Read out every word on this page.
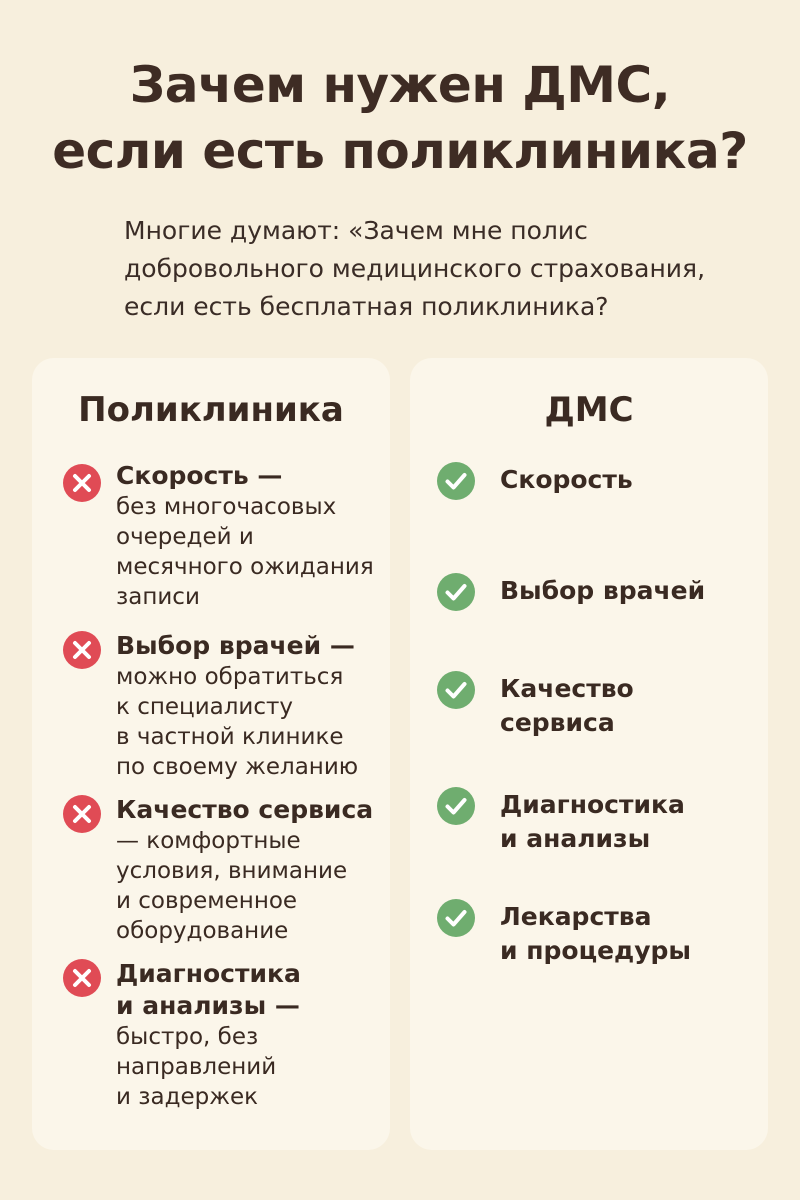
Зачем нужен ДМС,
если есть поликлиника?
Многие думают: «Зачем мне полис
добровольного медицинского страхования,
если есть бесплатная поликлиника?
Поликлиника	ДМС
Скорость —
без многочасовых
очередей и
месячного ожидания
записи
Выбор врачей —
можно обратиться
к специалисту
в частной клинике
по своему желанию
Качество сервиса
— комфортные
условия, внимание
и современное
оборудование
Диагностика
и анализы —
быстро, без
направлений
и задержек
Скорость
Выбор врачей
Качество
сервиса
Диагностика
и анализы
Лекарства
и процедуры
